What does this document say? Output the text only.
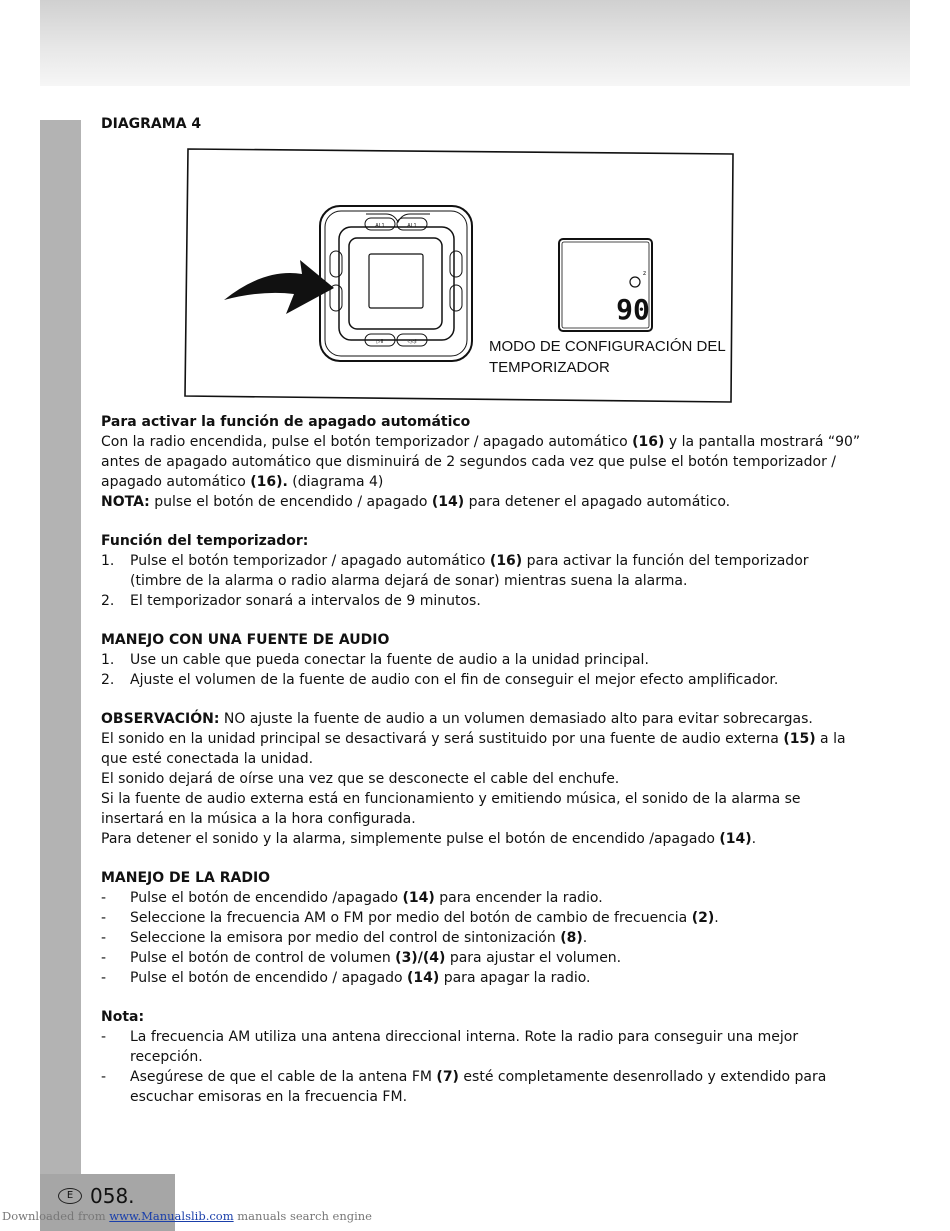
DIAGRAMA 4
AL1	AL1
▷II	◁◁I
z
90
MODO DE CONFIGURACIÓN DEL
TEMPORIZADOR

Para activar la función de apagado automático

Con la radio encendida, pulse el botón temporizador / apagado automático (16) y la pantalla mostrará “90” antes de apagado automático que disminuirá de 2 segundos cada vez que pulse el botón temporizador / apagado automático (16). (diagrama 4)

NOTA: pulse el botón de encendido / apagado (14) para detener el apagado automático.

Función del temporizador:

1.	Pulse el botón temporizador / apagado automático (16) para activar la función del temporizador (timbre de la alarma o radio alarma dejará de sonar) mientras suena la alarma.
2.	El temporizador sonará a intervalos de 9 minutos.

MANEJO CON UNA FUENTE DE AUDIO

1.	Use un cable que pueda conectar la fuente de audio a la unidad principal.
2.	Ajuste el volumen de la fuente de audio con el fin de conseguir el mejor efecto amplificador.

OBSERVACIÓN: NO ajuste la fuente de audio a un volumen demasiado alto para evitar sobrecargas.

El sonido en la unidad principal se desactivará y será sustituido por una fuente de audio externa (15) a la que esté conectada la unidad.

El sonido dejará de oírse una vez que se desconecte el cable del enchufe.

Si la fuente de audio externa está en funcionamiento y emitiendo música, el sonido de la alarma se insertará en la música a la hora configurada.

Para detener el sonido y la alarma, simplemente pulse el botón de encendido /apagado (14).

MANEJO DE LA RADIO

-	Pulse el botón de encendido /apagado (14) para encender la radio.
-	Seleccione la frecuencia AM o FM por medio del botón de cambio de frecuencia (2).
-	Seleccione la emisora por medio del control de sintonización (8).
-	Pulse el botón de control de volumen (3)/(4) para ajustar el volumen.
-	Pulse el botón de encendido / apagado (14) para apagar la radio.

Nota:

-	La frecuencia AM utiliza una antena direccional interna. Rote la radio para conseguir una mejor recepción.
-	Asegúrese de que el cable de la antena FM (7) esté completamente desenrollado y extendido para escuchar emisoras en la frecuencia FM.
E 058.
Downloaded from www.Manualslib.com manuals search engine
